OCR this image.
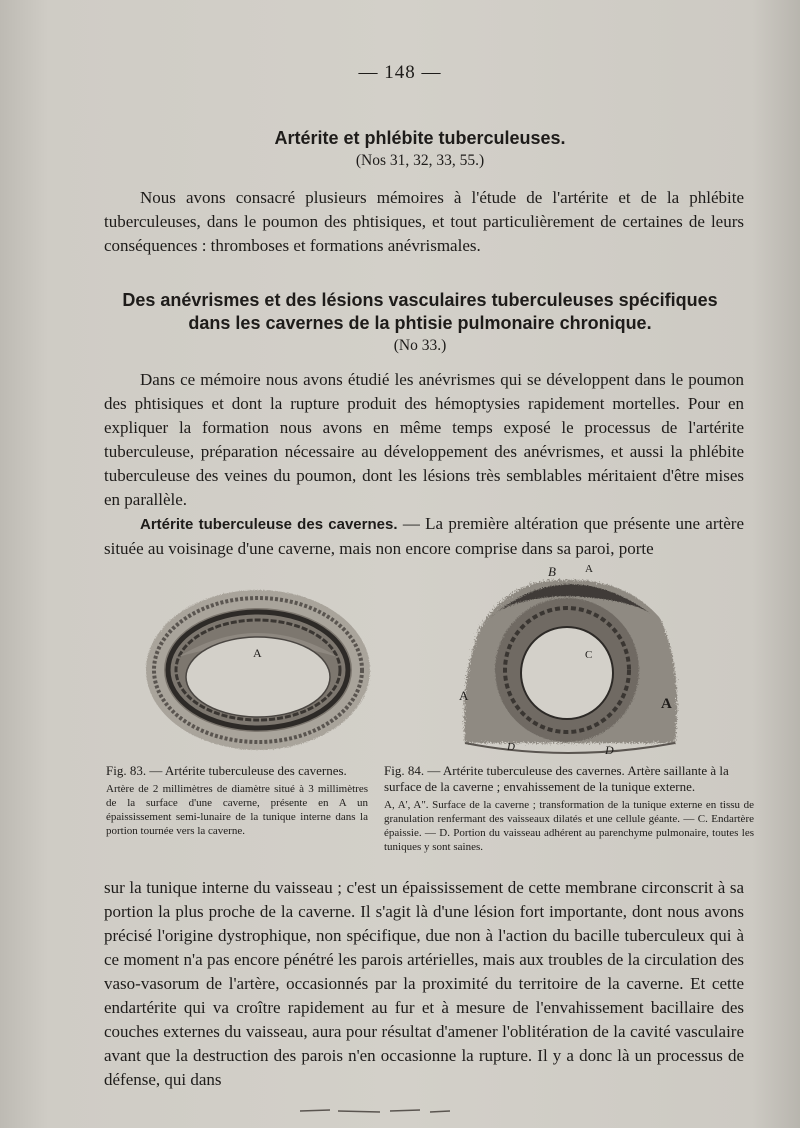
— 148 —
Artérite et phlébite tuberculeuses.
(Nos 31, 32, 33, 55.)

Nous avons consacré plusieurs mémoires à l'étude de l'artérite et de la phlébite tuberculeuses, dans le poumon des phtisiques, et tout particulièrement de certaines de leurs conséquences : thromboses et formations anévrismales.

Des anévrismes et des lésions vasculaires tuberculeuses spécifiques
dans les cavernes de la phtisie pulmonaire chronique.
(No 33.)

Dans ce mémoire nous avons étudié les anévrismes qui se développent dans le poumon des phtisiques et dont la rupture produit des hémoptysies rapidement mortelles. Pour en expliquer la formation nous avons en même temps exposé le processus de l'artérite tuberculeuse, préparation nécessaire au développement des anévrismes, et aussi la phlébite tuberculeuse des veines du poumon, dont les lésions très semblables méritaient d'être mises en parallèle.

Artérite tuberculeuse des cavernes. — La première altération que présente une artère située au voisinage d'une caverne, mais non encore comprise dans sa paroi, porte

A
Fig. 83. — Artérite tuberculeuse des cavernes.
Artère de 2 millimètres de diamètre situé à 3 millimètres de la surface d'une caverne, présente en A un épaississement semi-lunaire de la tunique interne dans la portion tournée vers la caverne.
B	A
C
A
A
D	D
Fig. 84. — Artérite tuberculeuse des cavernes. Artère saillante à la surface de la caverne ; envahissement de la tunique externe.
A, A', A". Surface de la caverne ; transformation de la tunique externe en tissu de granulation renfermant des vaisseaux dilatés et une cellule géante. — C. Endartère épaissie. — D. Portion du vaisseau adhérent au parenchyme pulmonaire, toutes les tuniques y sont saines.

sur la tunique interne du vaisseau ; c'est un épaississement de cette membrane circonscrit à sa portion la plus proche de la caverne. Il s'agit là d'une lésion fort importante, dont nous avons précisé l'origine dystrophique, non spécifique, due non à l'action du bacille tuberculeux qui à ce moment n'a pas encore pénétré les parois artérielles, mais aux troubles de la circulation des vaso-vasorum de l'artère, occasionnés par la proximité du territoire de la caverne. Et cette endartérite qui va croître rapidement au fur et à mesure de l'envahissement bacillaire des couches externes du vaisseau, aura pour résultat d'amener l'oblitération de la cavité vasculaire avant que la destruction des parois n'en occasionne la rupture. Il y a donc là un processus de défense, qui dans
